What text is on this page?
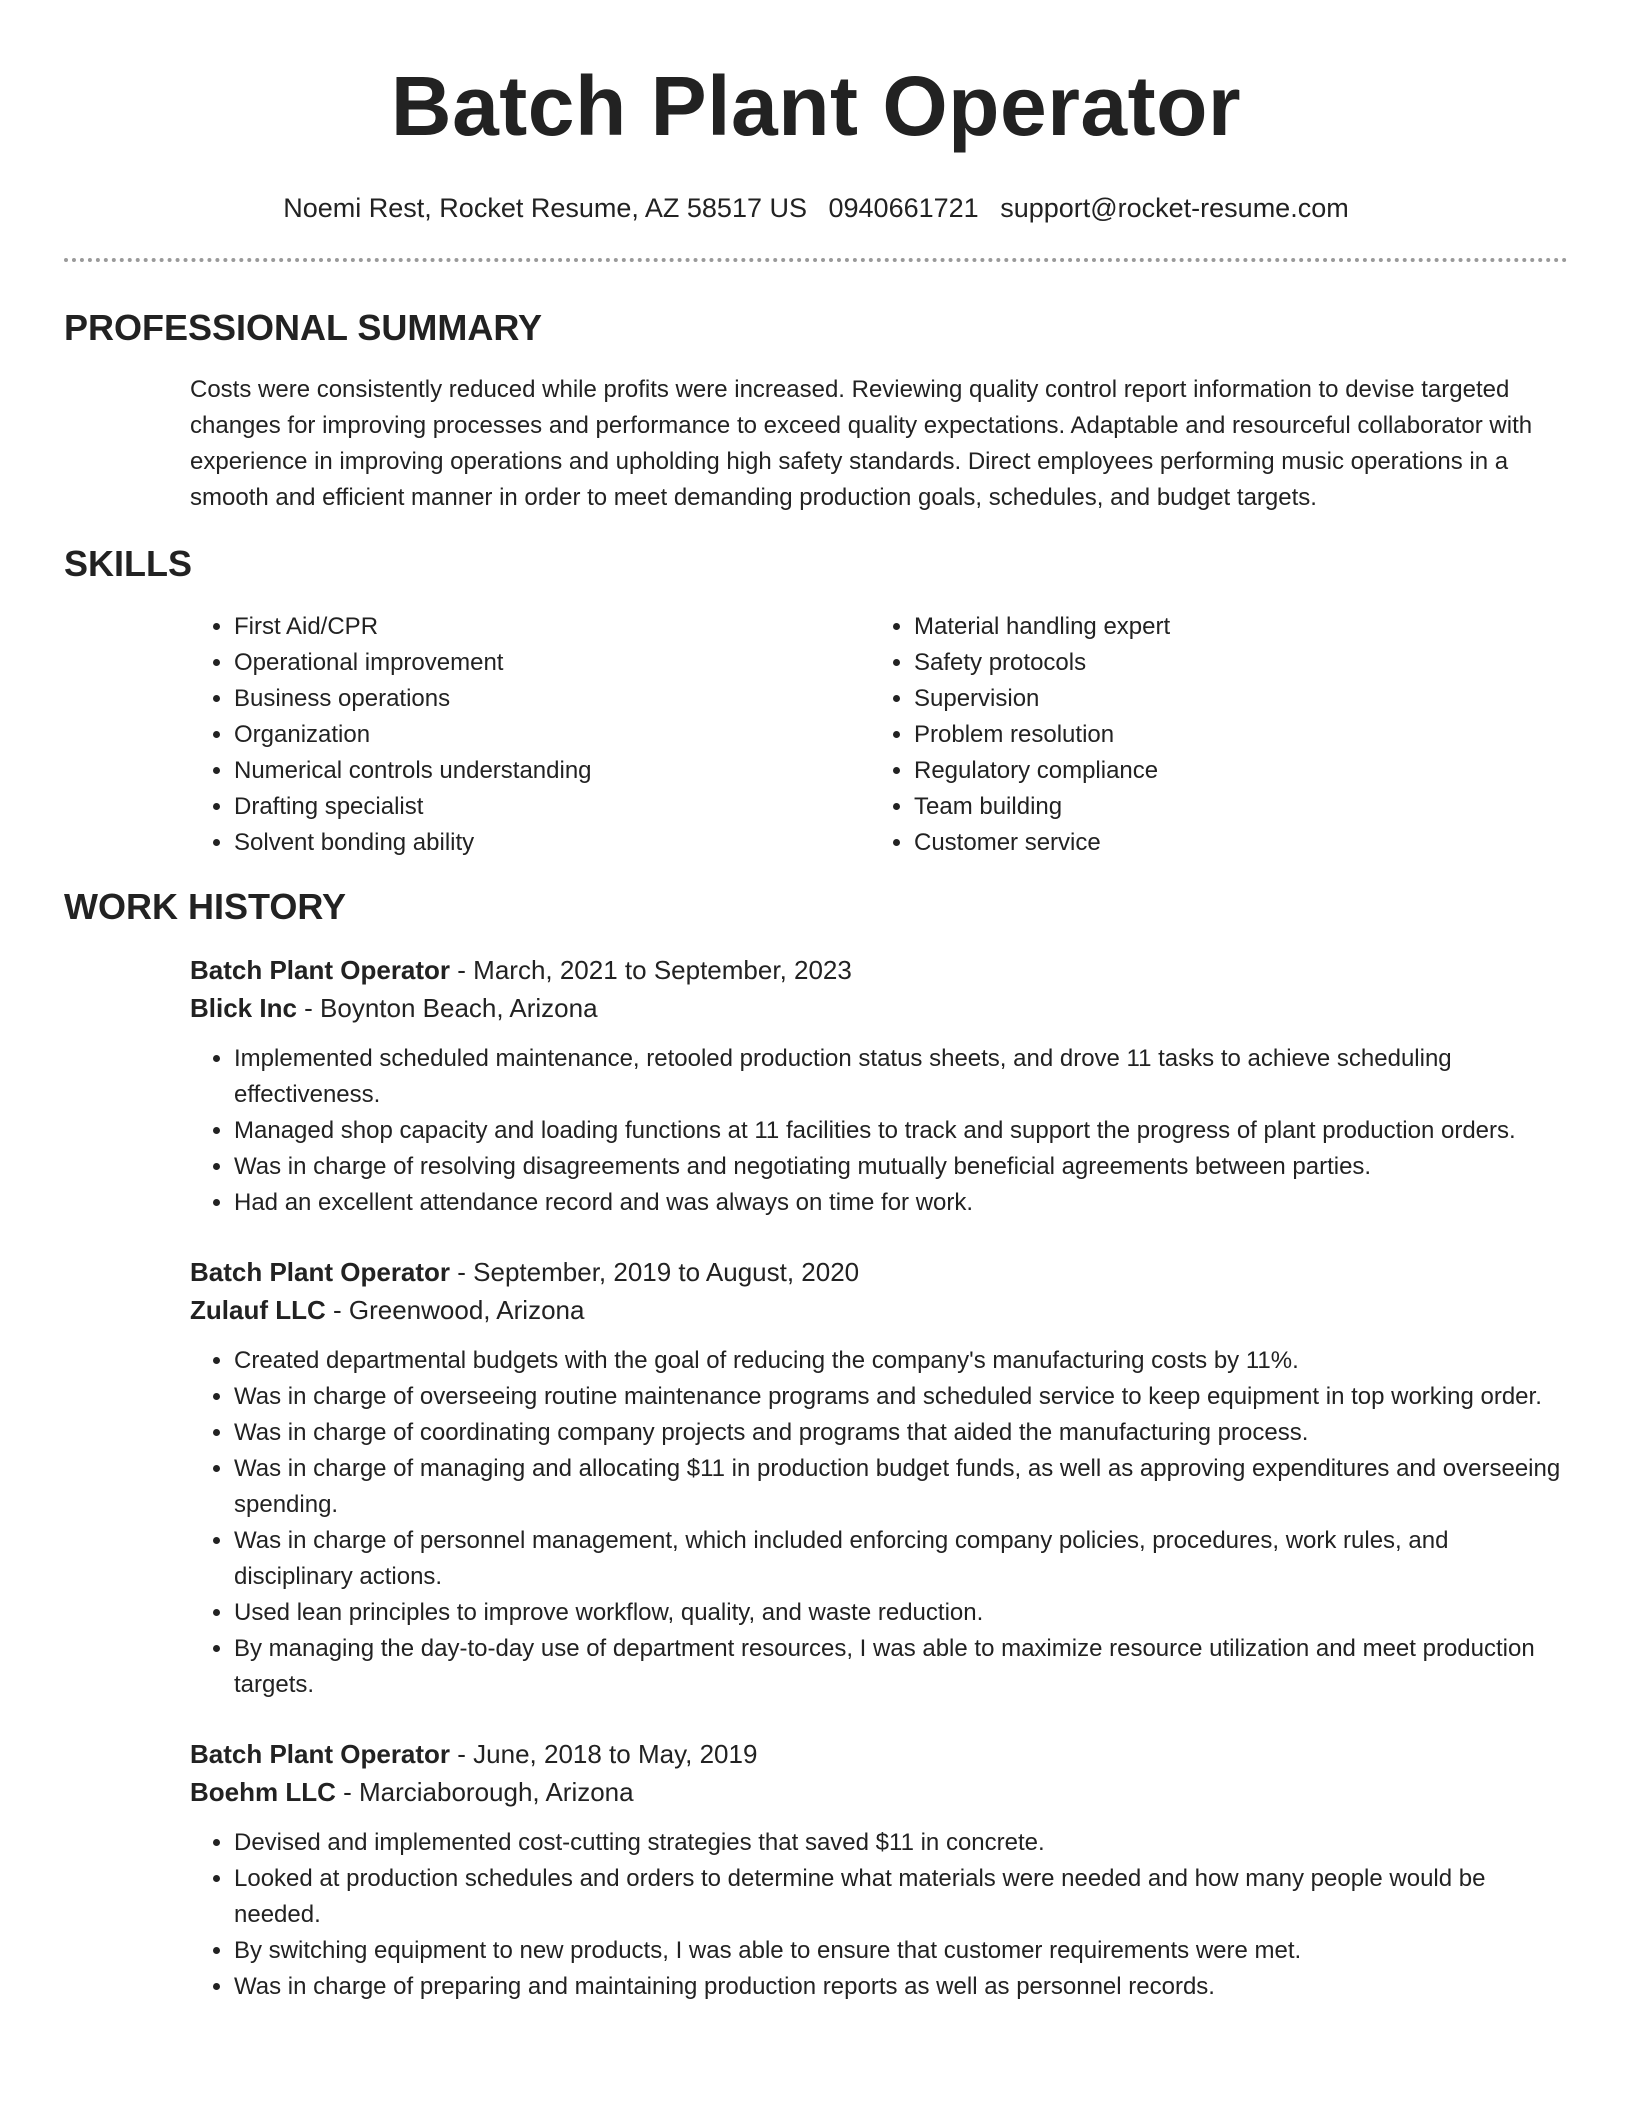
Batch Plant Operator
Noemi Rest, Rocket Resume, AZ 58517 US 0940661721 support@rocket-resume.com
PROFESSIONAL SUMMARY
Costs were consistently reduced while profits were increased. Reviewing quality control report information to devise targeted changes for improving processes and performance to exceed quality expectations. Adaptable and resourceful collaborator with experience in improving operations and upholding high safety standards. Direct employees performing music operations in a smooth and efficient manner in order to meet demanding production goals, schedules, and budget targets.
SKILLS
• First Aid/CPR
• Operational improvement
• Business operations
• Organization
• Numerical controls understanding
• Drafting specialist
• Solvent bonding ability
• Material handling expert
• Safety protocols
• Supervision
• Problem resolution
• Regulatory compliance
• Team building
• Customer service
WORK HISTORY
Batch Plant Operator - March, 2021 to September, 2023
Blick Inc - Boynton Beach, Arizona
• Implemented scheduled maintenance, retooled production status sheets, and drove 11 tasks to achieve scheduling effectiveness.
• Managed shop capacity and loading functions at 11 facilities to track and support the progress of plant production orders.
• Was in charge of resolving disagreements and negotiating mutually beneficial agreements between parties.
• Had an excellent attendance record and was always on time for work.
Batch Plant Operator - September, 2019 to August, 2020
Zulauf LLC - Greenwood, Arizona
• Created departmental budgets with the goal of reducing the company's manufacturing costs by 11%.
• Was in charge of overseeing routine maintenance programs and scheduled service to keep equipment in top working order.
• Was in charge of coordinating company projects and programs that aided the manufacturing process.
• Was in charge of managing and allocating $11 in production budget funds, as well as approving expenditures and overseeing spending.
• Was in charge of personnel management, which included enforcing company policies, procedures, work rules, and disciplinary actions.
• Used lean principles to improve workflow, quality, and waste reduction.
• By managing the day-to-day use of department resources, I was able to maximize resource utilization and meet production targets.
Batch Plant Operator - June, 2018 to May, 2019
Boehm LLC - Marciaborough, Arizona
• Devised and implemented cost-cutting strategies that saved $11 in concrete.
• Looked at production schedules and orders to determine what materials were needed and how many people would be needed.
• By switching equipment to new products, I was able to ensure that customer requirements were met.
• Was in charge of preparing and maintaining production reports as well as personnel records.
